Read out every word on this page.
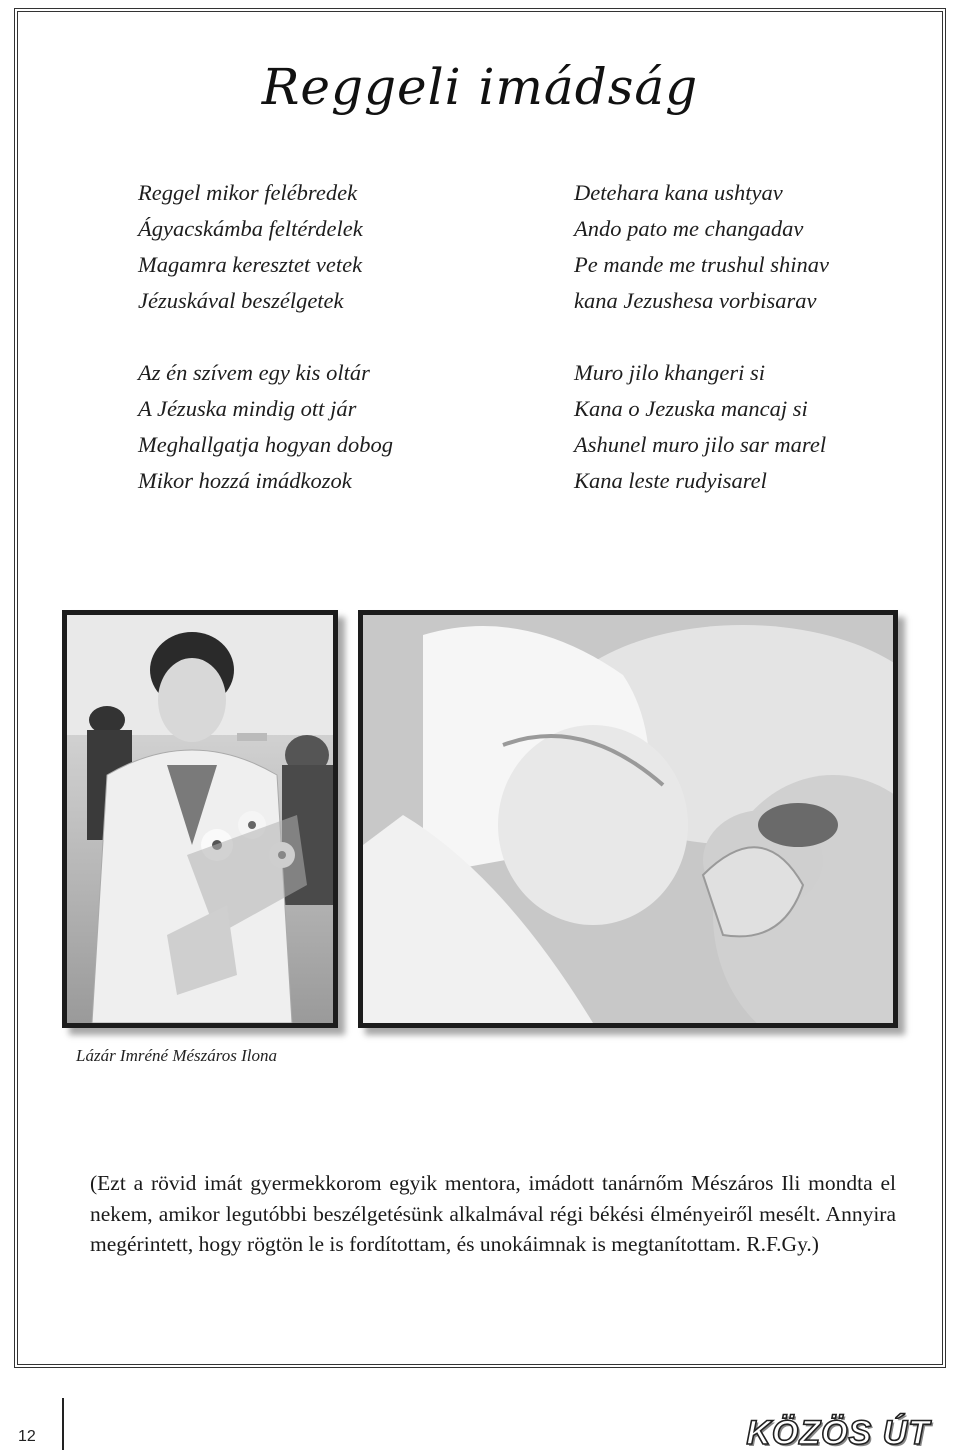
Reggeli imádság
Reggel mikor felébredek
Ágyacskámba feltérdelek
Magamra keresztet vetek
Jézuskával beszélgetek
Az én szívem egy kis oltár
A Jézuska mindig ott jár
Meghallgatja hogyan dobog
Mikor hozzá imádkozok
Detehara kana ushtyav
Ando pato me changadav
Pe mande me trushul shinav
kana Jezushesa vorbisarav
Muro jilo khangeri si
Kana o Jezuska mancaj si
Ashunel muro jilo sar marel
Kana leste rudyisarel
Lázár Imréné Mészáros Ilona
(Ezt a rövid imát gyermekkorom egyik mentora, imádott tanárnőm Mészáros Ili mondta el nekem, amikor legutóbbi beszélgetésünk alkalmával régi békési élményeiről mesélt. Annyira megérintett, hogy rögtön le is fordítottam, és unokáimnak is megtanítottam. R.F.Gy.)
12	KÖZÖS ÚT
